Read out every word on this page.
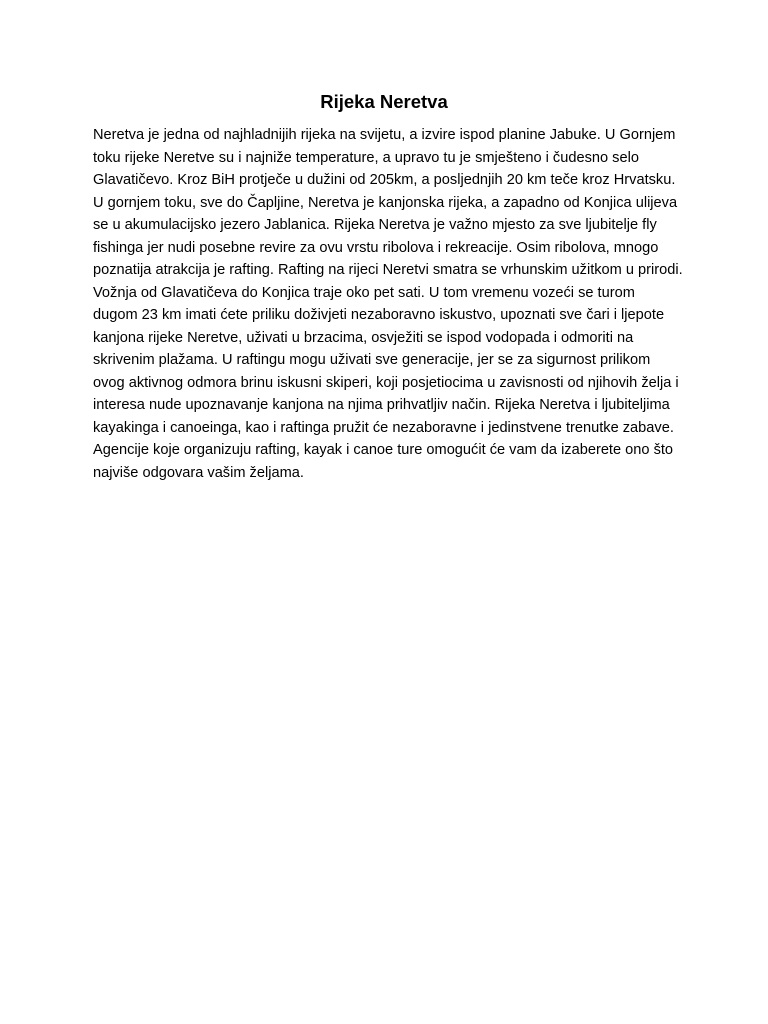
Rijeka Neretva

Neretva je jedna od najhladnijih rijeka na svijetu, a izvire ispod planine Jabuke. U Gornjem toku rijeke Neretve su i najniže temperature, a upravo tu je smješteno i čudesno selo Glavatičevo. Kroz BiH protječe u dužini od 205km, a posljednjih 20 km teče kroz Hrvatsku. U gornjem toku, sve do Čapljine, Neretva je kanjonska rijeka, a zapadno od Konjica ulijeva se u akumulacijsko jezero Jablanica. Rijeka Neretva je važno mjesto za sve ljubitelje fly fishinga jer nudi posebne revire za ovu vrstu ribolova i rekreacije. Osim ribolova, mnogo poznatija atrakcija je rafting. Rafting na rijeci Neretvi smatra se vrhunskim užitkom u prirodi. Vožnja od Glavatičeva do Konjica traje oko pet sati. U tom vremenu vozeći se turom dugom 23 km imati ćete priliku doživjeti nezaboravno iskustvo, upoznati sve čari i ljepote kanjona rijeke Neretve, uživati u brzacima, osvježiti se ispod vodopada i odmoriti na skrivenim plažama. U raftingu mogu uživati sve generacije, jer se za sigurnost prilikom ovog aktivnog odmora brinu iskusni skiperi, koji posjetiocima u zavisnosti od njihovih želja i interesa nude upoznavanje kanjona na njima prihvatljiv način. Rijeka Neretva i ljubiteljima kayakinga i canoeinga, kao i raftinga pružit će nezaboravne i jedinstvene trenutke zabave. Agencije koje organizuju rafting, kayak i canoe ture omogućit će vam da izaberete ono što najviše odgovara vašim željama.
